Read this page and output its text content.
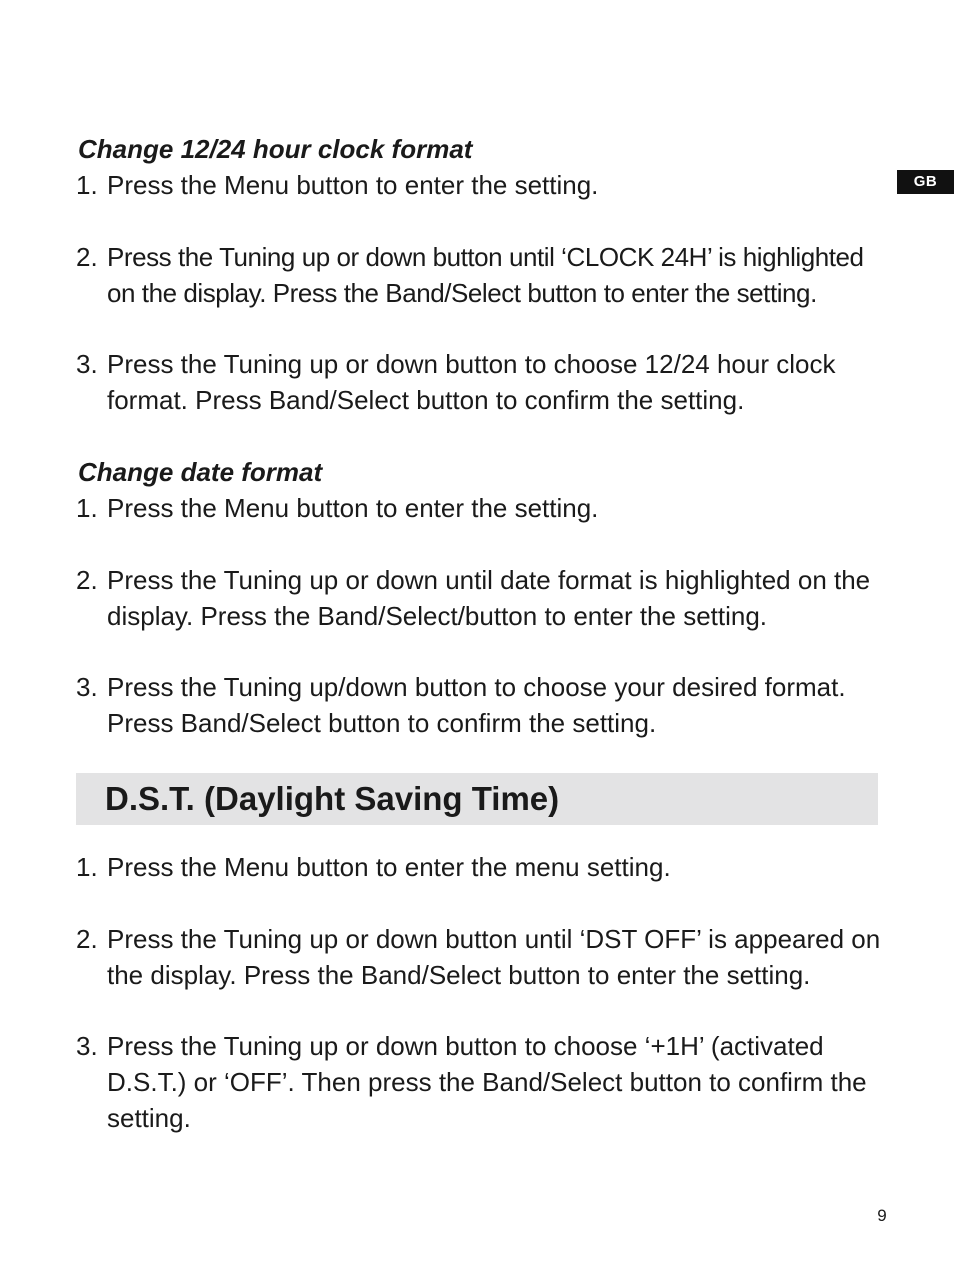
GB
Change 12/24 hour clock format
1. Press the Menu button to enter the setting.
2. Press the Tuning up or down button until ‘CLOCK 24H’ is highlighted on the display. Press the Band/Select button to enter the setting.
3. Press the Tuning up or down button to choose 12/24 hour clock format. Press Band/Select button to confirm the setting.
Change date format
1. Press the Menu button to enter the setting.
2. Press the Tuning up or down until date format is highlighted on the display. Press the Band/Select/button to enter the setting.
3. Press the Tuning up/down button to choose your desired format. Press Band/Select button to confirm the setting.
D.S.T. (Daylight Saving Time)
1. Press the Menu button to enter the menu setting.
2. Press the Tuning up or down button until ‘DST OFF’ is appeared on the display. Press the Band/Select button to enter the setting.
3. Press the Tuning up or down button to choose ‘+1H’ (activated D.S.T.) or ‘OFF’. Then press the Band/Select button to confirm the setting.
9
